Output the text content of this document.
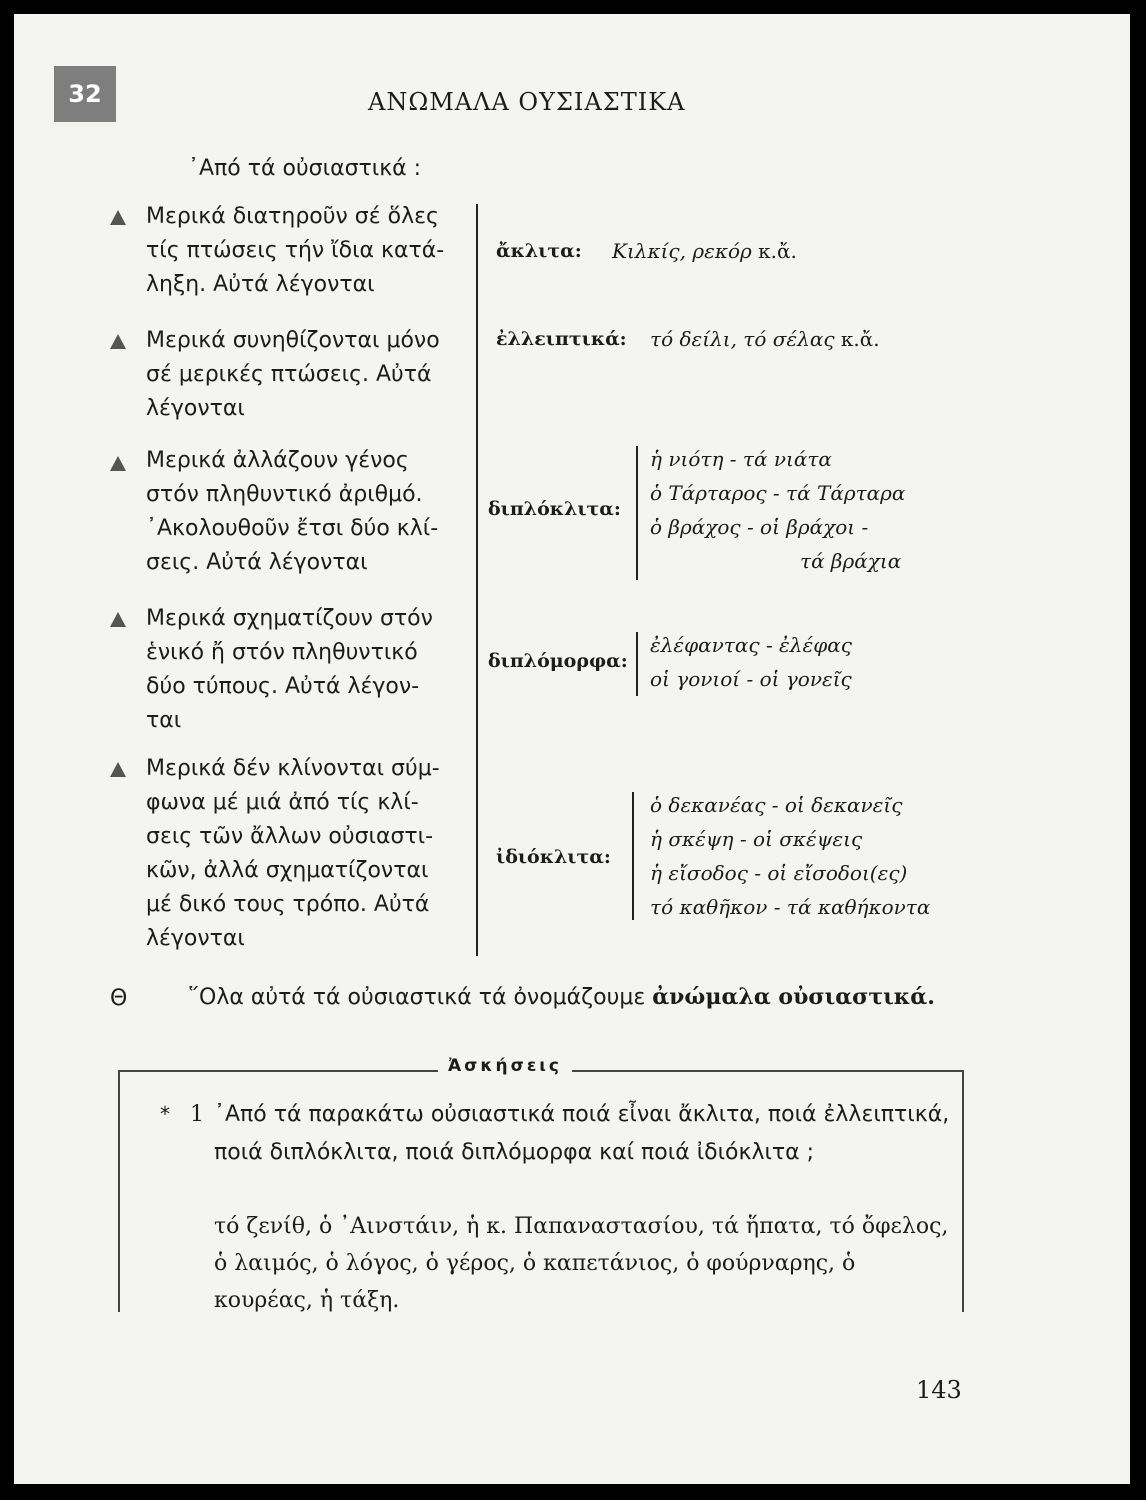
32	ΑΝΩΜΑΛΑ ΟΥΣΙΑΣΤΙΚΑ
᾿Από τά οὐσιαστικά :
Μερικά διατηροῦν σέ ὅλες
τίς πτώσεις τήν ἴδια κατά-
ληξη. Αὐτά λέγονται
ἄκλιτα: Κιλκίς, ρεκόρ κ.ἄ.
Μερικά συνηθίζονται μόνο
σέ μερικές πτώσεις. Αὐτά
λέγονται
ἐλλειπτικά: τό δείλι, τό σέλας κ.ἄ.
Μερικά ἀλλάζουν γένος
στόν πληθυντικό ἀριθμό.
᾿Ακολουθοῦν ἔτσι δύο κλί-
σεις. Αὐτά λέγονται
διπλόκλιτα:
ἡ νιότη - τά νιάτα
ὁ Τάρταρος - τά Τάρταρα
ὁ βράχος - οἱ βράχοι -
τά βράχια
Μερικά σχηματίζουν στόν
ἑνικό ἤ στόν πληθυντικό
δύο τύπους. Αὐτά λέγον-
ται
διπλόμορφα:
ἐλέφαντας - ἐλέφας
οἱ γονιοί - οἱ γονεῖς
Μερικά δέν κλίνονται σύμ-
φωνα μέ μιά ἀπό τίς κλί-
σεις τῶν ἄλλων οὐσιαστι-
κῶν, ἀλλά σχηματίζονται
μέ δικό τους τρόπο. Αὐτά
λέγονται
ἰδιόκλιτα:
ὁ δεκανέας - οἱ δεκανεῖς
ἡ σκέψη - οἱ σκέψεις
ἡ εἴσοδος - οἱ εἴσοδοι(ες)
τό καθῆκον - τά καθήκοντα
Θ	῞Ολα αὐτά τά οὐσιαστικά τά ὀνομάζουμε ἀνώμαλα οὐσιαστικά.
Ἀσκήσεις
* 1 ᾿Από τά παρακάτω οὐσιαστικά ποιά εἶναι ἄκλιτα, ποιά ἐλλειπτικά, ποιά διπλόκλιτα, ποιά διπλόμορφα καί ποιά ἰδιόκλιτα ;
τό ζενίθ, ὁ ᾿Αινστάιν, ἡ κ. Παπαναστασίου, τά ἥπατα, τό ὄφελος, ὁ λαιμός, ὁ λόγος, ὁ γέρος, ὁ καπετάνιος, ὁ φούρναρης, ὁ κουρέας, ἡ τάξη.
143
